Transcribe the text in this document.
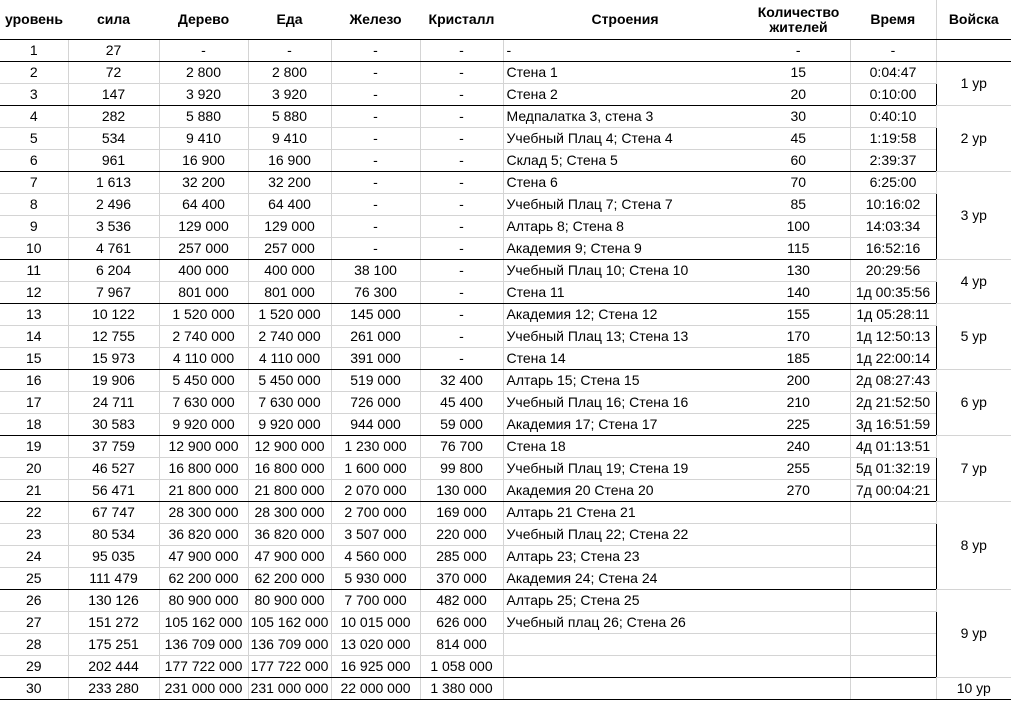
уровень	сила	Дерево	Еда	Железо	Кристалл	Строения	Количество жителей	Время	Войска
1	27	-	-	-	-	-	-	-	
2	72	2 800	2 800	-	-	Стена 1	15	0:04:47	1 ур
3	147	3 920	3 920	-	-	Стена 2	20	0:10:00	
4	282	5 880	5 880	-	-	Медпалатка 3, стена 3	30	0:40:10	2 ур
5	534	9 410	9 410	-	-	Учебный Плац 4; Стена 4	45	1:19:58	
6	961	16 900	16 900	-	-	Склад 5; Стена 5	60	2:39:37	
7	1 613	32 200	32 200	-	-	Стена 6	70	6:25:00	3 ур
8	2 496	64 400	64 400	-	-	Учебный Плац 7; Стена 7	85	10:16:02	
9	3 536	129 000	129 000	-	-	Алтарь 8; Стена 8	100	14:03:34	
10	4 761	257 000	257 000	-	-	Академия 9; Стена 9	115	16:52:16	
11	6 204	400 000	400 000	38 100	-	Учебный Плац 10; Стена 10	130	20:29:56	4 ур
12	7 967	801 000	801 000	76 300	-	Стена 11	140	1д 00:35:56	
13	10 122	1 520 000	1 520 000	145 000	-	Академия 12; Стена 12	155	1д 05:28:11	5 ур
14	12 755	2 740 000	2 740 000	261 000	-	Учебный Плац 13; Стена 13	170	1д 12:50:13	
15	15 973	4 110 000	4 110 000	391 000	-	Стена 14	185	1д 22:00:14	
16	19 906	5 450 000	5 450 000	519 000	32 400	Алтарь 15; Стена 15	200	2д 08:27:43	6 ур
17	24 711	7 630 000	7 630 000	726 000	45 400	Учебный Плац 16; Стена 16	210	2д 21:52:50	
18	30 583	9 920 000	9 920 000	944 000	59 000	Академия 17; Стена 17	225	3д 16:51:59	
19	37 759	12 900 000	12 900 000	1 230 000	76 700	Стена 18	240	4д 01:13:51	7 ур
20	46 527	16 800 000	16 800 000	1 600 000	99 800	Учебный Плац 19; Стена 19	255	5д 01:32:19	
21	56 471	21 800 000	21 800 000	2 070 000	130 000	Академия 20 Стена 20	270	7д 00:04:21	
22	67 747	28 300 000	28 300 000	2 700 000	169 000	Алтарь 21 Стена 21			8 ур
23	80 534	36 820 000	36 820 000	3 507 000	220 000	Учебный Плац 22; Стена 22			
24	95 035	47 900 000	47 900 000	4 560 000	285 000	Алтарь 23; Стена 23			
25	111 479	62 200 000	62 200 000	5 930 000	370 000	Академия 24; Стена 24			
26	130 126	80 900 000	80 900 000	7 700 000	482 000	Алтарь 25; Стена 25			9 ур
27	151 272	105 162 000	105 162 000	10 015 000	626 000	Учебный плац 26; Стена 26			
28	175 251	136 709 000	136 709 000	13 020 000	814 000				
29	202 444	177 722 000	177 722 000	16 925 000	1 058 000				
30	233 280	231 000 000	231 000 000	22 000 000	1 380 000				10 ур
